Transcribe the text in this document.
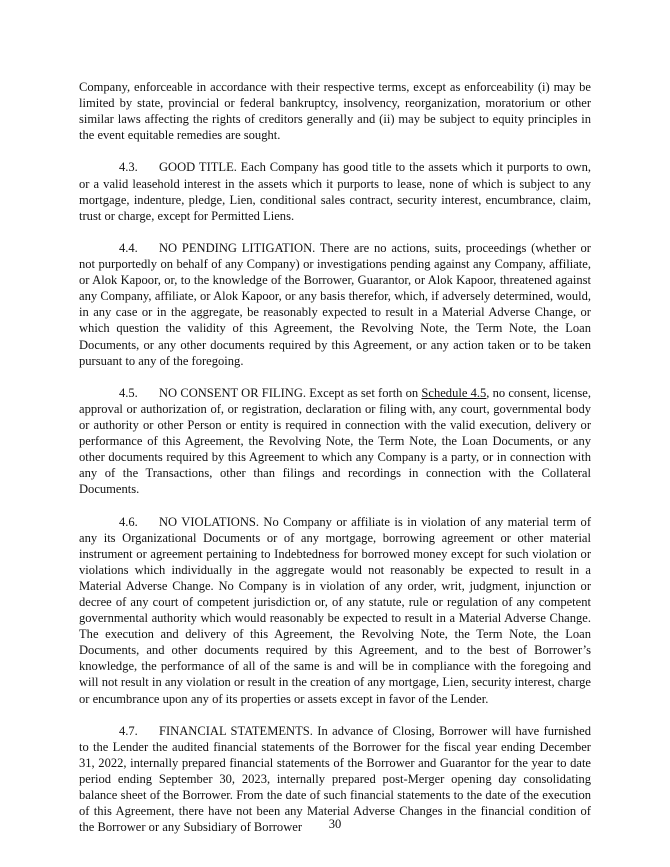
Company, enforceable in accordance with their respective terms, except as enforceability (i) may be limited by state, provincial or federal bankruptcy, insolvency, reorganization, moratorium or other similar laws affecting the rights of creditors generally and (ii) may be subject to equity principles in the event equitable remedies are sought.

4.3. GOOD TITLE. Each Company has good title to the assets which it purports to own, or a valid leasehold interest in the assets which it purports to lease, none of which is subject to any mortgage, indenture, pledge, Lien, conditional sales contract, security interest, encumbrance, claim, trust or charge, except for Permitted Liens.

4.4. NO PENDING LITIGATION. There are no actions, suits, proceedings (whether or not purportedly on behalf of any Company) or investigations pending against any Company, affiliate, or Alok Kapoor, or, to the knowledge of the Borrower, Guarantor, or Alok Kapoor, threatened against any Company, affiliate, or Alok Kapoor, or any basis therefor, which, if adversely determined, would, in any case or in the aggregate, be reasonably expected to result in a Material Adverse Change, or which question the validity of this Agreement, the Revolving Note, the Term Note, the Loan Documents, or any other documents required by this Agreement, or any action taken or to be taken pursuant to any of the foregoing.

4.5. NO CONSENT OR FILING. Except as set forth on Schedule 4.5, no consent, license, approval or authorization of, or registration, declaration or filing with, any court, governmental body or authority or other Person or entity is required in connection with the valid execution, delivery or performance of this Agreement, the Revolving Note, the Term Note, the Loan Documents, or any other documents required by this Agreement to which any Company is a party, or in connection with any of the Transactions, other than filings and recordings in connection with the Collateral Documents.

4.6. NO VIOLATIONS. No Company or affiliate is in violation of any material term of any its Organizational Documents or of any mortgage, borrowing agreement or other material instrument or agreement pertaining to Indebtedness for borrowed money except for such violation or violations which individually in the aggregate would not reasonably be expected to result in a Material Adverse Change. No Company is in violation of any order, writ, judgment, injunction or decree of any court of competent jurisdiction or, of any statute, rule or regulation of any competent governmental authority which would reasonably be expected to result in a Material Adverse Change. The execution and delivery of this Agreement, the Revolving Note, the Term Note, the Loan Documents, and other documents required by this Agreement, and to the best of Borrower’s knowledge, the performance of all of the same is and will be in compliance with the foregoing and will not result in any violation or result in the creation of any mortgage, Lien, security interest, charge or encumbrance upon any of its properties or assets except in favor of the Lender.

4.7. FINANCIAL STATEMENTS. In advance of Closing, Borrower will have furnished to the Lender the audited financial statements of the Borrower for the fiscal year ending December 31, 2022, internally prepared financial statements of the Borrower and Guarantor for the year to date period ending September 30, 2023, internally prepared post-Merger opening day consolidating balance sheet of the Borrower. From the date of such financial statements to the date of the execution of this Agreement, there have not been any Material Adverse Changes in the financial condition of the Borrower or any Subsidiary of Borrower	30
